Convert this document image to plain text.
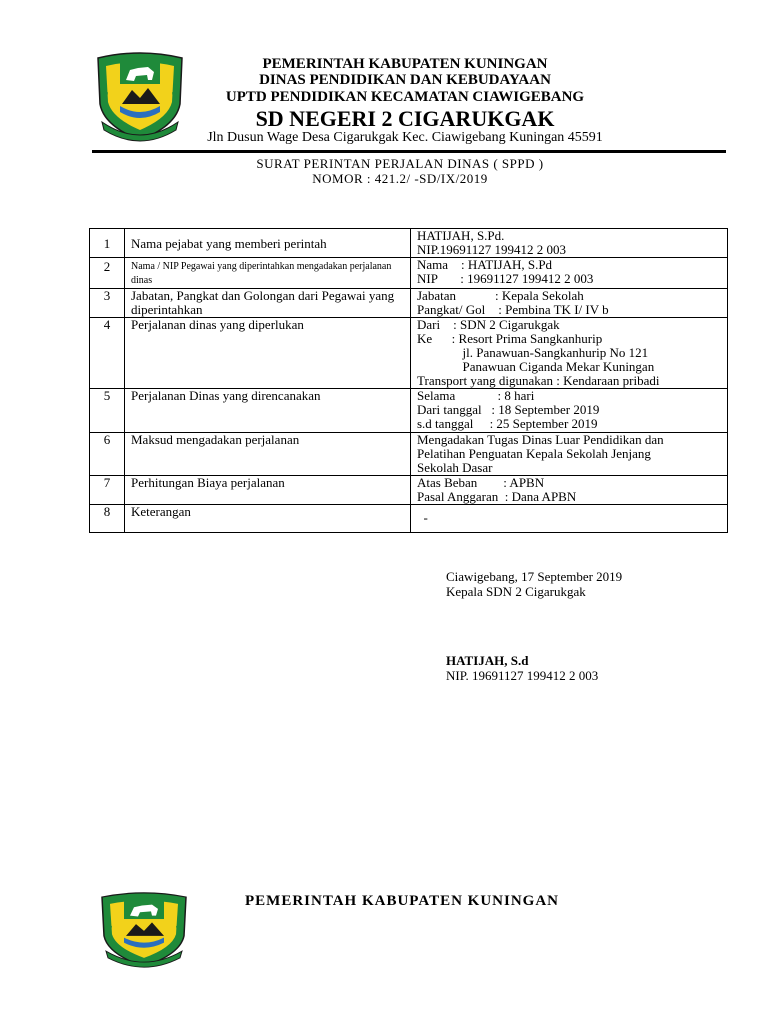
PEMERINTAH KABUPATEN KUNINGAN
DINAS PENDIDIKAN DAN KEBUDAYAAN
UPTD PENDIDIKAN KECAMATAN CIAWIGEBANG
SD NEGERI 2 CIGARUKGAK
Jln Dusun Wage Desa Cigarukgak Kec. Ciawigebang Kuningan 45591
SURAT PERINTAN PERJALAN DINAS ( SPPD )
NOMOR : 421.2/ -SD/IX/2019
1	Nama pejabat yang memberi perintah	HATIJAH, S.Pd.
NIP.19691127 199412 2 003

2	Nama / NIP Pegawai yang diperintahkan mengadakan perjalanan dinas	Nama    : HATIJAH, S.Pd
NIP       : 19691127 199412 2 003

3	Jabatan, Pangkat dan Golongan dari Pegawai yang diperintahkan	Jabatan            : Kepala Sekolah
Pangkat/ Gol    : Pembina TK I/ IV b

4	Perjalanan dinas yang diperlukan	Dari    : SDN 2 Cigarukgak
Ke      : Resort Prima Sangkanhurip
jl. Panawuan-Sangkanhurip No 121
Panawuan Ciganda Mekar Kuningan
Transport yang digunakan : Kendaraan pribadi

5	Perjalanan Dinas yang direncanakan	Selama             : 8 hari
Dari tanggal   : 18 September 2019
s.d tanggal     : 25 September 2019

6	Maksud mengadakan perjalanan	Mengadakan Tugas Dinas Luar Pendidikan dan
Pelatihan Penguatan Kepala Sekolah Jenjang
Sekolah Dasar

7	Perhitungan Biaya perjalanan	Atas Beban        : APBN
Pasal Anggaran  : Dana APBN

8	Keterangan	-
Ciawigebang, 17 September 2019
Kepala SDN 2 Cigarukgak
HATIJAH, S.d
NIP. 19691127 199412 2 003
PEMERINTAH KABUPATEN KUNINGAN
